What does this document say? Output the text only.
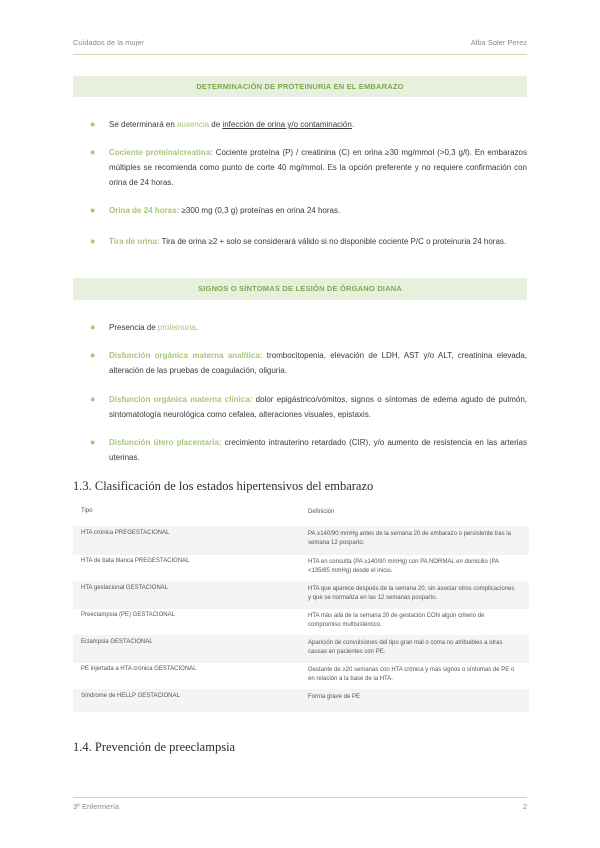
Cuidados de la mujer	Alba Soler Perez
DETERMINACIÓN DE PROTEINURIA EN EL EMBARAZO
● Se determinará en ausencia de infección de orina y/o contaminación.
● Cociente proteína/creatina: Cociente proteína (P) / creatinina (C) en orina ≥30 mg/mmol (>0,3 g/l). En embarazos múltiples se recomienda como punto de corte 40 mg/mmol. Es la opción preferente y no requiere confirmación con orina de 24 horas.
● Orina de 24 horas: ≥300 mg (0,3 g) proteínas en orina 24 horas.
● Tira de orina: Tira de orina ≥2 + solo se considerará válido si no disponible cociente P/C o proteinuria 24 horas.
SIGNOS O SÍNTOMAS DE LESIÓN DE ÓRGANO DIANA
● Presencia de proteinuria.
● Disfunción orgánica materna analítica: trombocitopenia, elevación de LDH, AST y/o ALT, creatinina elevada, alteración de las pruebas de coagulación, oliguria.
● Disfunción orgánica materna clínica: dolor epigástrico/vómitos, signos o síntomas de edema agudo de pulmón, sintomatología neurológica como cefalea, alteraciones visuales, epistaxis.
● Disfunción útero placentaria: crecimiento intrauterino retardado (CIR), y/o aumento de resistencia en las arterias uterinas.
1.3. Clasificación de los estados hipertensivos del embarazo
Tipo	Definición
HTA crónica PREGESTACIONAL	PA ≥140/90 mmHg antes de la semana 20 de embarazo o persistente tras la semana 12 posparto.
HTA de bata blanca PREGESTACIONAL	HTA en consulta (PA ≥140/90 mmHg) con PA NORMAL en domicilio (PA <135/85 mmHg) desde el inicio.
HTA gestacional GESTACIONAL	HTA que aparece después de la semana 20, sin asociar otros complicaciones y que se normaliza en las 12 semanas posparto.
Preeclampsia (PE) GESTACIONAL	HTA más allá de la semana 20 de gestación CON algún criterio de compromiso multisistémico.
Eclampsia GESTACIONAL	Aparición de convulsiones del tipo gran mal o coma no atribuibles a otras causas en pacientes con PE.
PE injertada a HTA crónica GESTACIONAL	Gestante de ≥20 semanas con HTA crónica y más signos o síntomas de PE o en relación a la base de la HTA.
Síndrome de HELLP GESTACIONAL	Forma grave de PE
1.4. Prevención de preeclampsia
3º Enfermería	2
